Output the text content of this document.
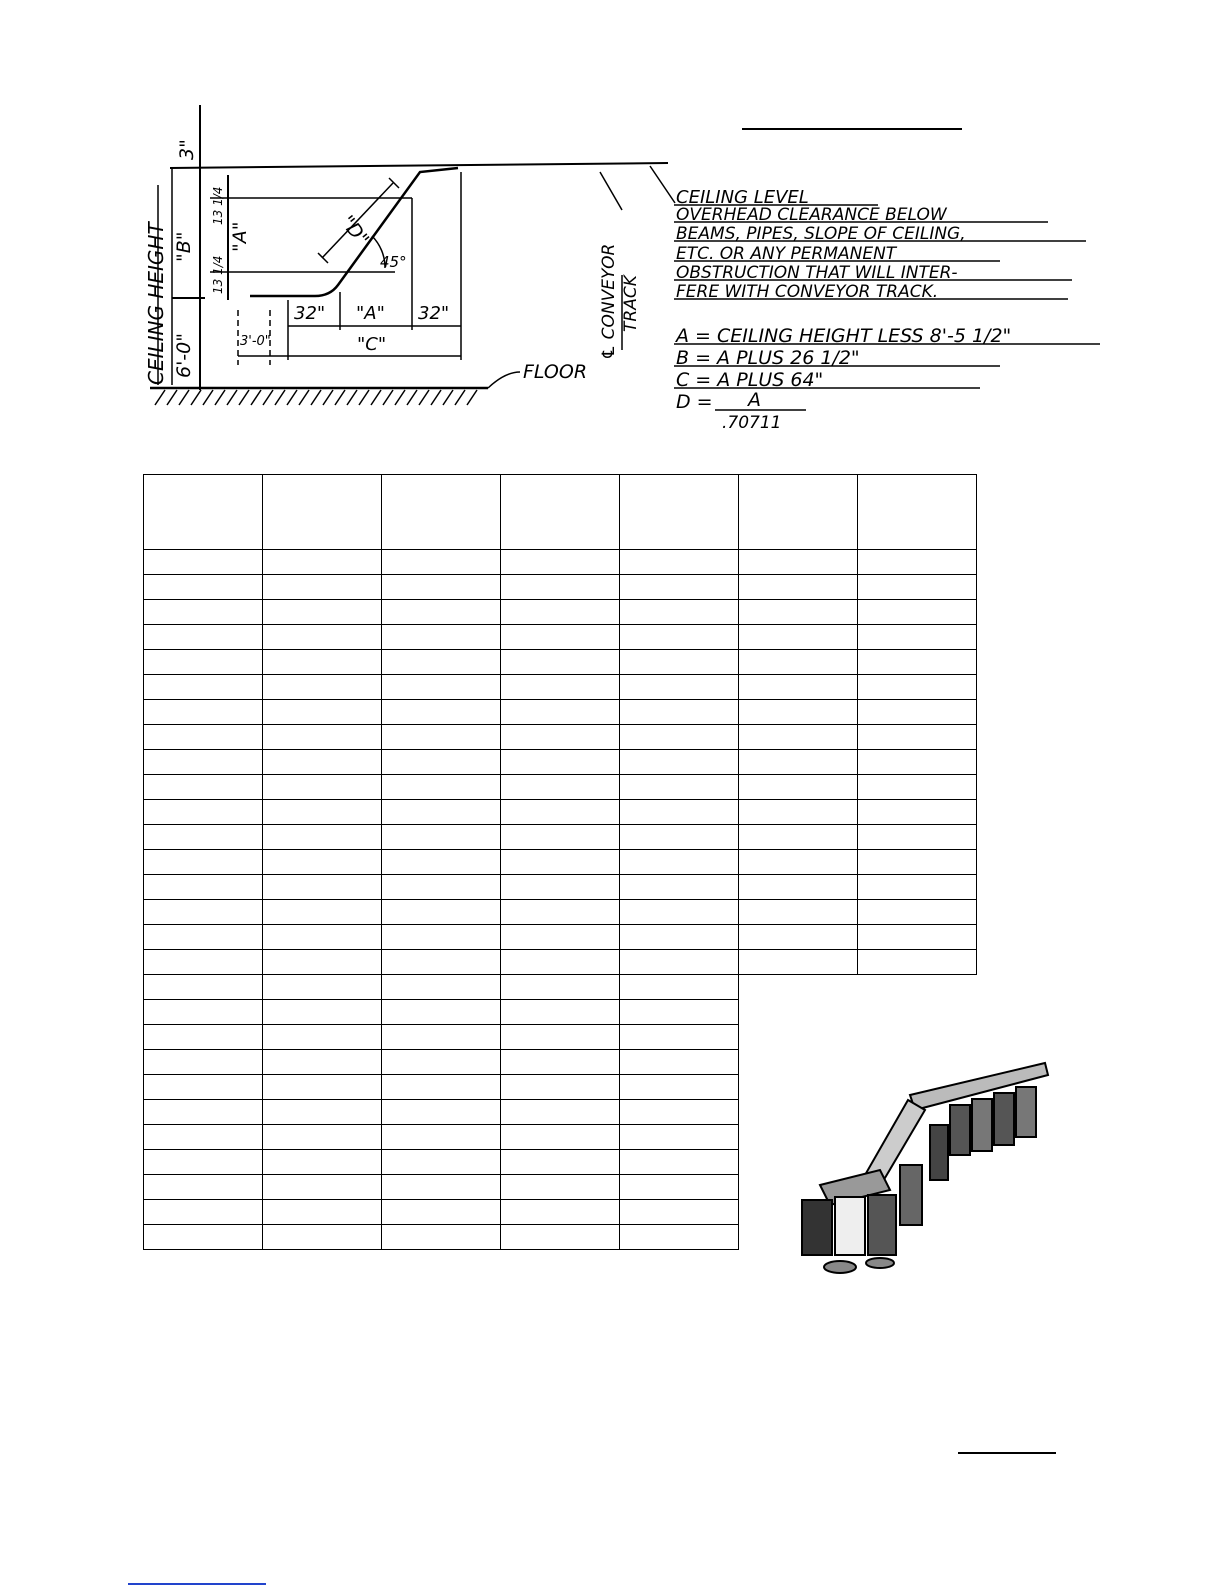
CEILING HEIGHT
3"
"B"
6'-0"
13 1/4
"A"
13 1/4
"D"
45°
3'-0"
32" "A" 32"
"C"
FLOOR
℄ CONVEYOR TRACK
CEILING LEVEL
OVERHEAD CLEARANCE BELOW
BEAMS, PIPES, SLOPE OF CEILING,
ETC. OR ANY PERMANENT
OBSTRUCTION THAT WILL INTER-
FERE WITH CONVEYOR TRACK.
A = CEILING HEIGHT LESS 8'-5 1/2"
B = A PLUS 26 1/2"
C = A PLUS 64"
D = A
.70711
